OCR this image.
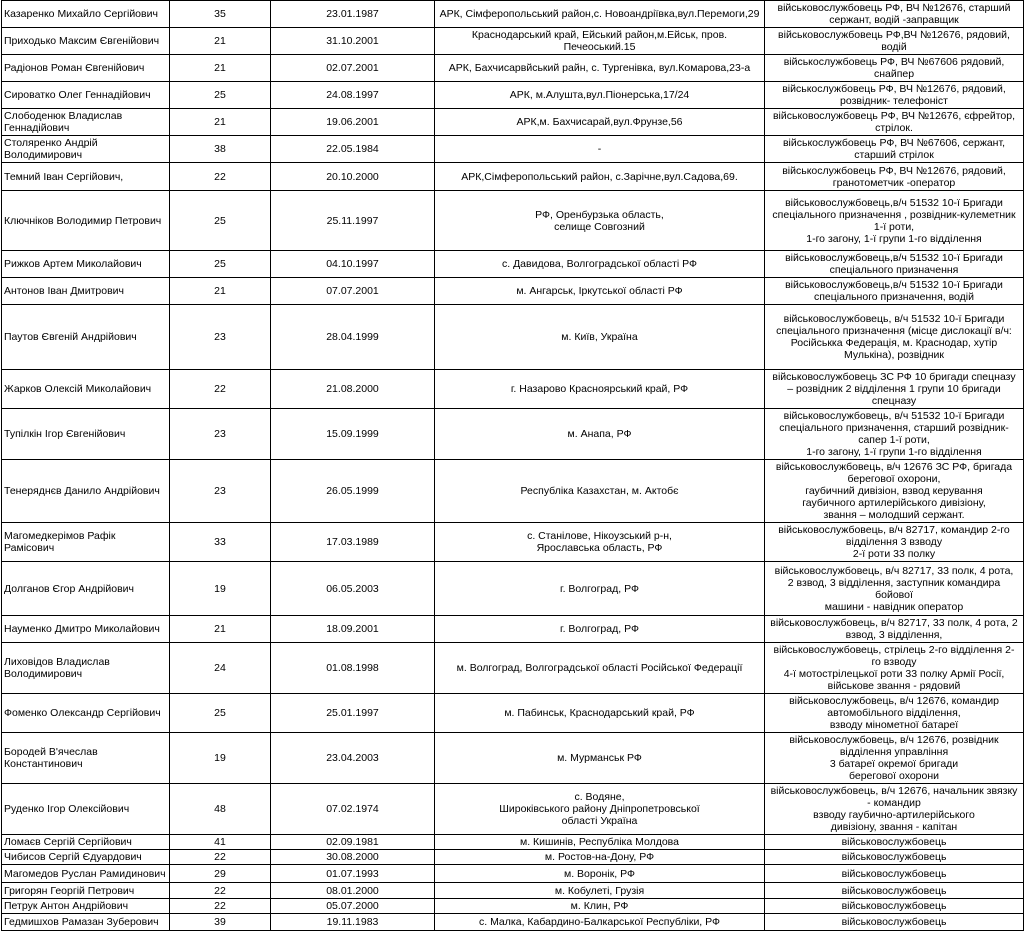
Казаренко Михайло Сергійович	35	23.01.1987	АРК, Сімферопольський район,с. Новоандріївка,вул.Перемоги,29	військовослужбовець РФ, ВЧ №12676, старший сержант, водій -заправщик
Приходько Максим Євгенійович	21	31.10.2001	Краснодарський край, Ейський район,м.Ейськ, пров. Печеоський.15	військовослужбовець РФ,ВЧ №12676, рядовий, водій
Радіонов Роман Євгенійович	21	02.07.2001	АРК, Бахчисарвйський райн, с. Тургенівка, вул.Комарова,23-а	військослужбовець РФ, ВЧ №67606 рядовий, снайпер
Сироватко Олег Геннадійович	25	24.08.1997	АРК, м.Алушта,вул.Піонерська,17/24	військослужбовець РФ, ВЧ №12676, рядовий, розвідник- телефоніст
Слободенюк Владислав
Геннадійович	21	19.06.2001	АРК,м. Бахчисарай,вул.Фрунзе,56	військовослужбовець РФ, ВЧ №12676, єфрейтор, стрілок.
Столяренко Андрій Володимирович	38	22.05.1984	-	військослужбовець РФ, ВЧ №67606, сержант, старший стрілок
Темний Іван Сергійович,	22	20.10.2000	АРК,Сімферопольський район, с.Зарічне,вул.Садова,69.	військослужбовець РФ, ВЧ №12676, рядовий, гранотометчик -оператор
Ключніков Володимир Петрович	25	25.11.1997	РФ, Оренбурзька область,
селище Совгозний	військовослужбовець,в/ч 51532 10-ї Бригади
спеціального призначення , розвідник-кулеметник
1-ї роти,
1-го загону, 1-ї групи 1-го відділення
Рижков Артем Миколайович	25	04.10.1997	с. Давидова, Волгоградської області РФ	військовослужбовець,в/ч 51532 10-ї Бригади
спеціального призначення
Антонов Іван Дмитрович	21	07.07.2001	м. Ангарськ, Іркутської області РФ	військовослужбовець,в/ч 51532 10-ї Бригади
спеціального призначення, водій
Паутов Євгеній Андрійович	23	28.04.1999	м. Київ, Україна	військовослужбовець, в/ч 51532 10-ї Бригади
спеціального призначення (місце дислокації в/ч:
Російськка Федерація, м. Краснодар, хутір
Мулькіна), розвідник
Жарков Олексій Миколайович	22	21.08.2000	г. Назарово Красноярський край, РФ	військовослужбовець ЗС РФ 10 бригади спецназу
– розвідник 2 відділення 1 групи 10 бригади
спецназу
Тупілкін Ігор Євгенійович	23	15.09.1999	м. Анапа, РФ	військовослужбовець, в/ч 51532 10-ї Бригади
спеціального призначення, старший розвідник-
сапер 1-ї роти,
1-го загону, 1-ї групи 1-го відділення
Тенеряднєв Данило Андрійович	23	26.05.1999	Республіка Казахстан, м. Актобє	військовослужбовець, в/ч 12676 ЗС РФ, бригада
берегової охорони,
гаубичний дивізіон, взвод керування
гаубичного артилерійського дивізіону,
звання – молодший сержант.
Магомедкерімов Рафік Рамісович	33	17.03.1989	с. Станілове, Нікоузський р-н,
Ярославська область, РФ	військовослужбовець, в/ч 82717, командир 2-го
відділення 3 взводу
2-ї роти 33 полку
Долганов Єгор Андрійович	19	06.05.2003	г. Волгоград, РФ	військовослужбовець, в/ч 82717, 33 полк, 4 рота,
2 взвод, 3 відділення, заступник командира
бойової
машини - навідник оператор
Науменко Дмитро Миколайович	21	18.09.2001	г. Волгоград, РФ	військовослужбовець, в/ч 82717, 33 полк, 4 рота, 2
взвод, 3 відділення,
Лиховідов Владислав
Володимирович	24	01.08.1998	м. Волгоград, Волгоградської області Російської Федерації	військовослужбовець, стрілець 2-го відділення 2-
го взводу
4-ї мотострілецької роти 33 полку Армії Росії,
військове звання - рядовий
Фоменко Олександр Сергійович	25	25.01.1997	м. Пабинськ, Краснодарський край, РФ	військовослужбовець, в/ч 12676, командир
автомобільного відділення,
взводу мінометної батареї
Бородей В'ячеслав
Константинович	19	23.04.2003	м. Мурманськ РФ	військовослужбовець, в/ч 12676, розвідник
відділення управління
3 батареї окремої бригади
берегової охорони
Руденко Ігор Олексійович	48	07.02.1974	с. Водяне,
Широківського району Дніпропетровської
області Україна	військовослужбовець, в/ч 12676, начальник звязку
- командир
взводу гаубично-артилерійського
дивізіону, звання - капітан
Ломаєв Сергій Сергійович	41	02.09.1981	м. Кишинів, Республіка Молдова	військовослужбовець
Чибисов Сергій Єдуардович	22	30.08.2000	м. Ростов-на-Дону, РФ	військовослужбовець
Магомедов Руслан Рамидинович	29	01.07.1993	м. Воронік, РФ	військовослужбовець
Григорян Георгій Петрович	22	08.01.2000	м. Кобулеті, Грузія	військовослужбовець
Петрук Антон Андрійович	22	05.07.2000	м. Клин, РФ	військовослужбовець
Гедмишхов Рамазан Зуберович	39	19.11.1983	с. Малка, Кабардино-Балкарської Республіки, РФ	військовослужбовець
